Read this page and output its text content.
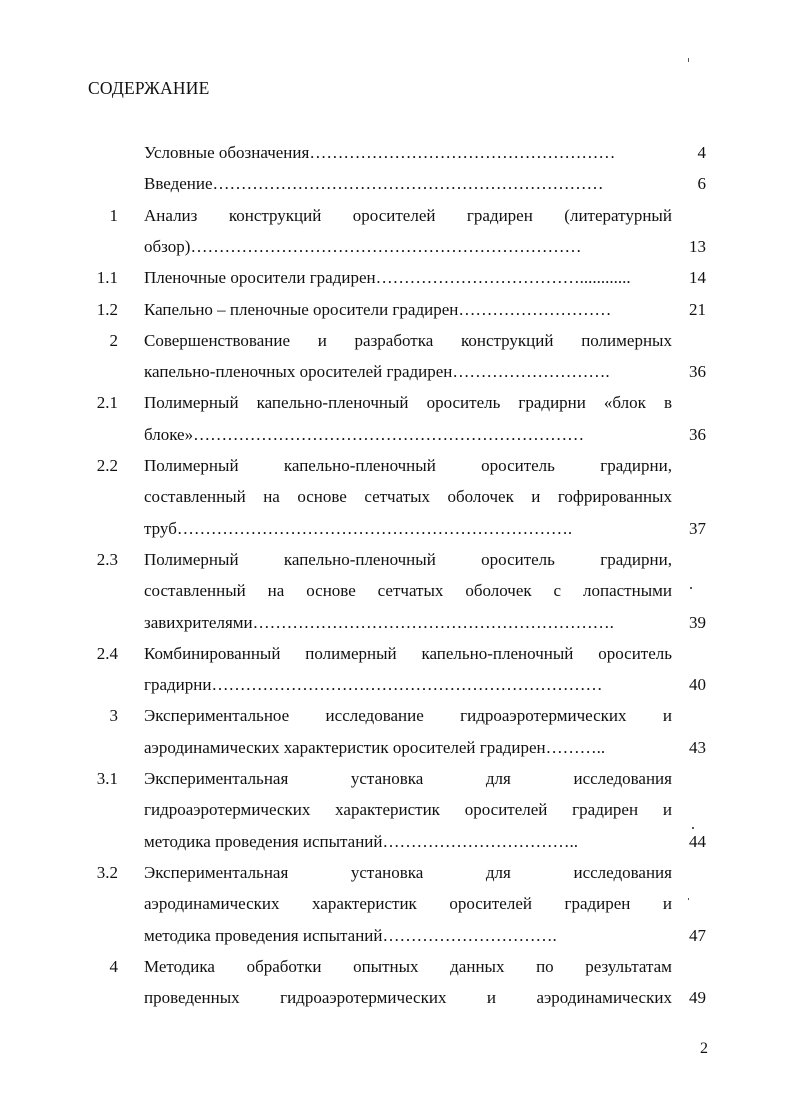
СОДЕРЖАНИЕ
Условные обозначения ………………………………………………	4
Введение ……………………………………………………………	6
1 Анализ конструкций оросителей градирен (литературный
обзор) ……………………………………………………………	13
1.1 Пленочные оросители градирен ………………………………............	14
1.2 Капельно – пленочные оросители градирен ………………………	21
2 Совершенствование и разработка конструкций полимерных
капельно-пленочных оросителей градирен ……………………….	36
2.1 Полимерный капельно-пленочный ороситель градирни «блок в
блоке» ……………………………………………………………	36
2.2 Полимерный	капельно-пленочный	ороситель	градирни,
составленный на основе сетчатых оболочек и гофрированных
труб …………………………………………………………….	37
2.3 Полимерный	капельно-пленочный	ороситель	градирни,
составленный на основе сетчатых оболочек с лопастными
завихрителями ……………………………………………………….	39
2.4 Комбинированный полимерный капельно-пленочный ороситель
градирни ……………………………………………………………	40
3 Экспериментальное исследование гидроаэротермических и
аэродинамических характеристик оросителей градирен ………..	43
3.1 Экспериментальная	установка	для	исследования
гидроаэротермических характеристик оросителей градирен и
методика проведения испытаний ……………………………..	44
3.2 Экспериментальная	установка	для	исследования
аэродинамических характеристик оросителей градирен и
методика проведения испытаний ………………………….	47
4 Методика обработки опытных данных по результатам
проведенных гидроаэротермических и аэродинамических 49
2
